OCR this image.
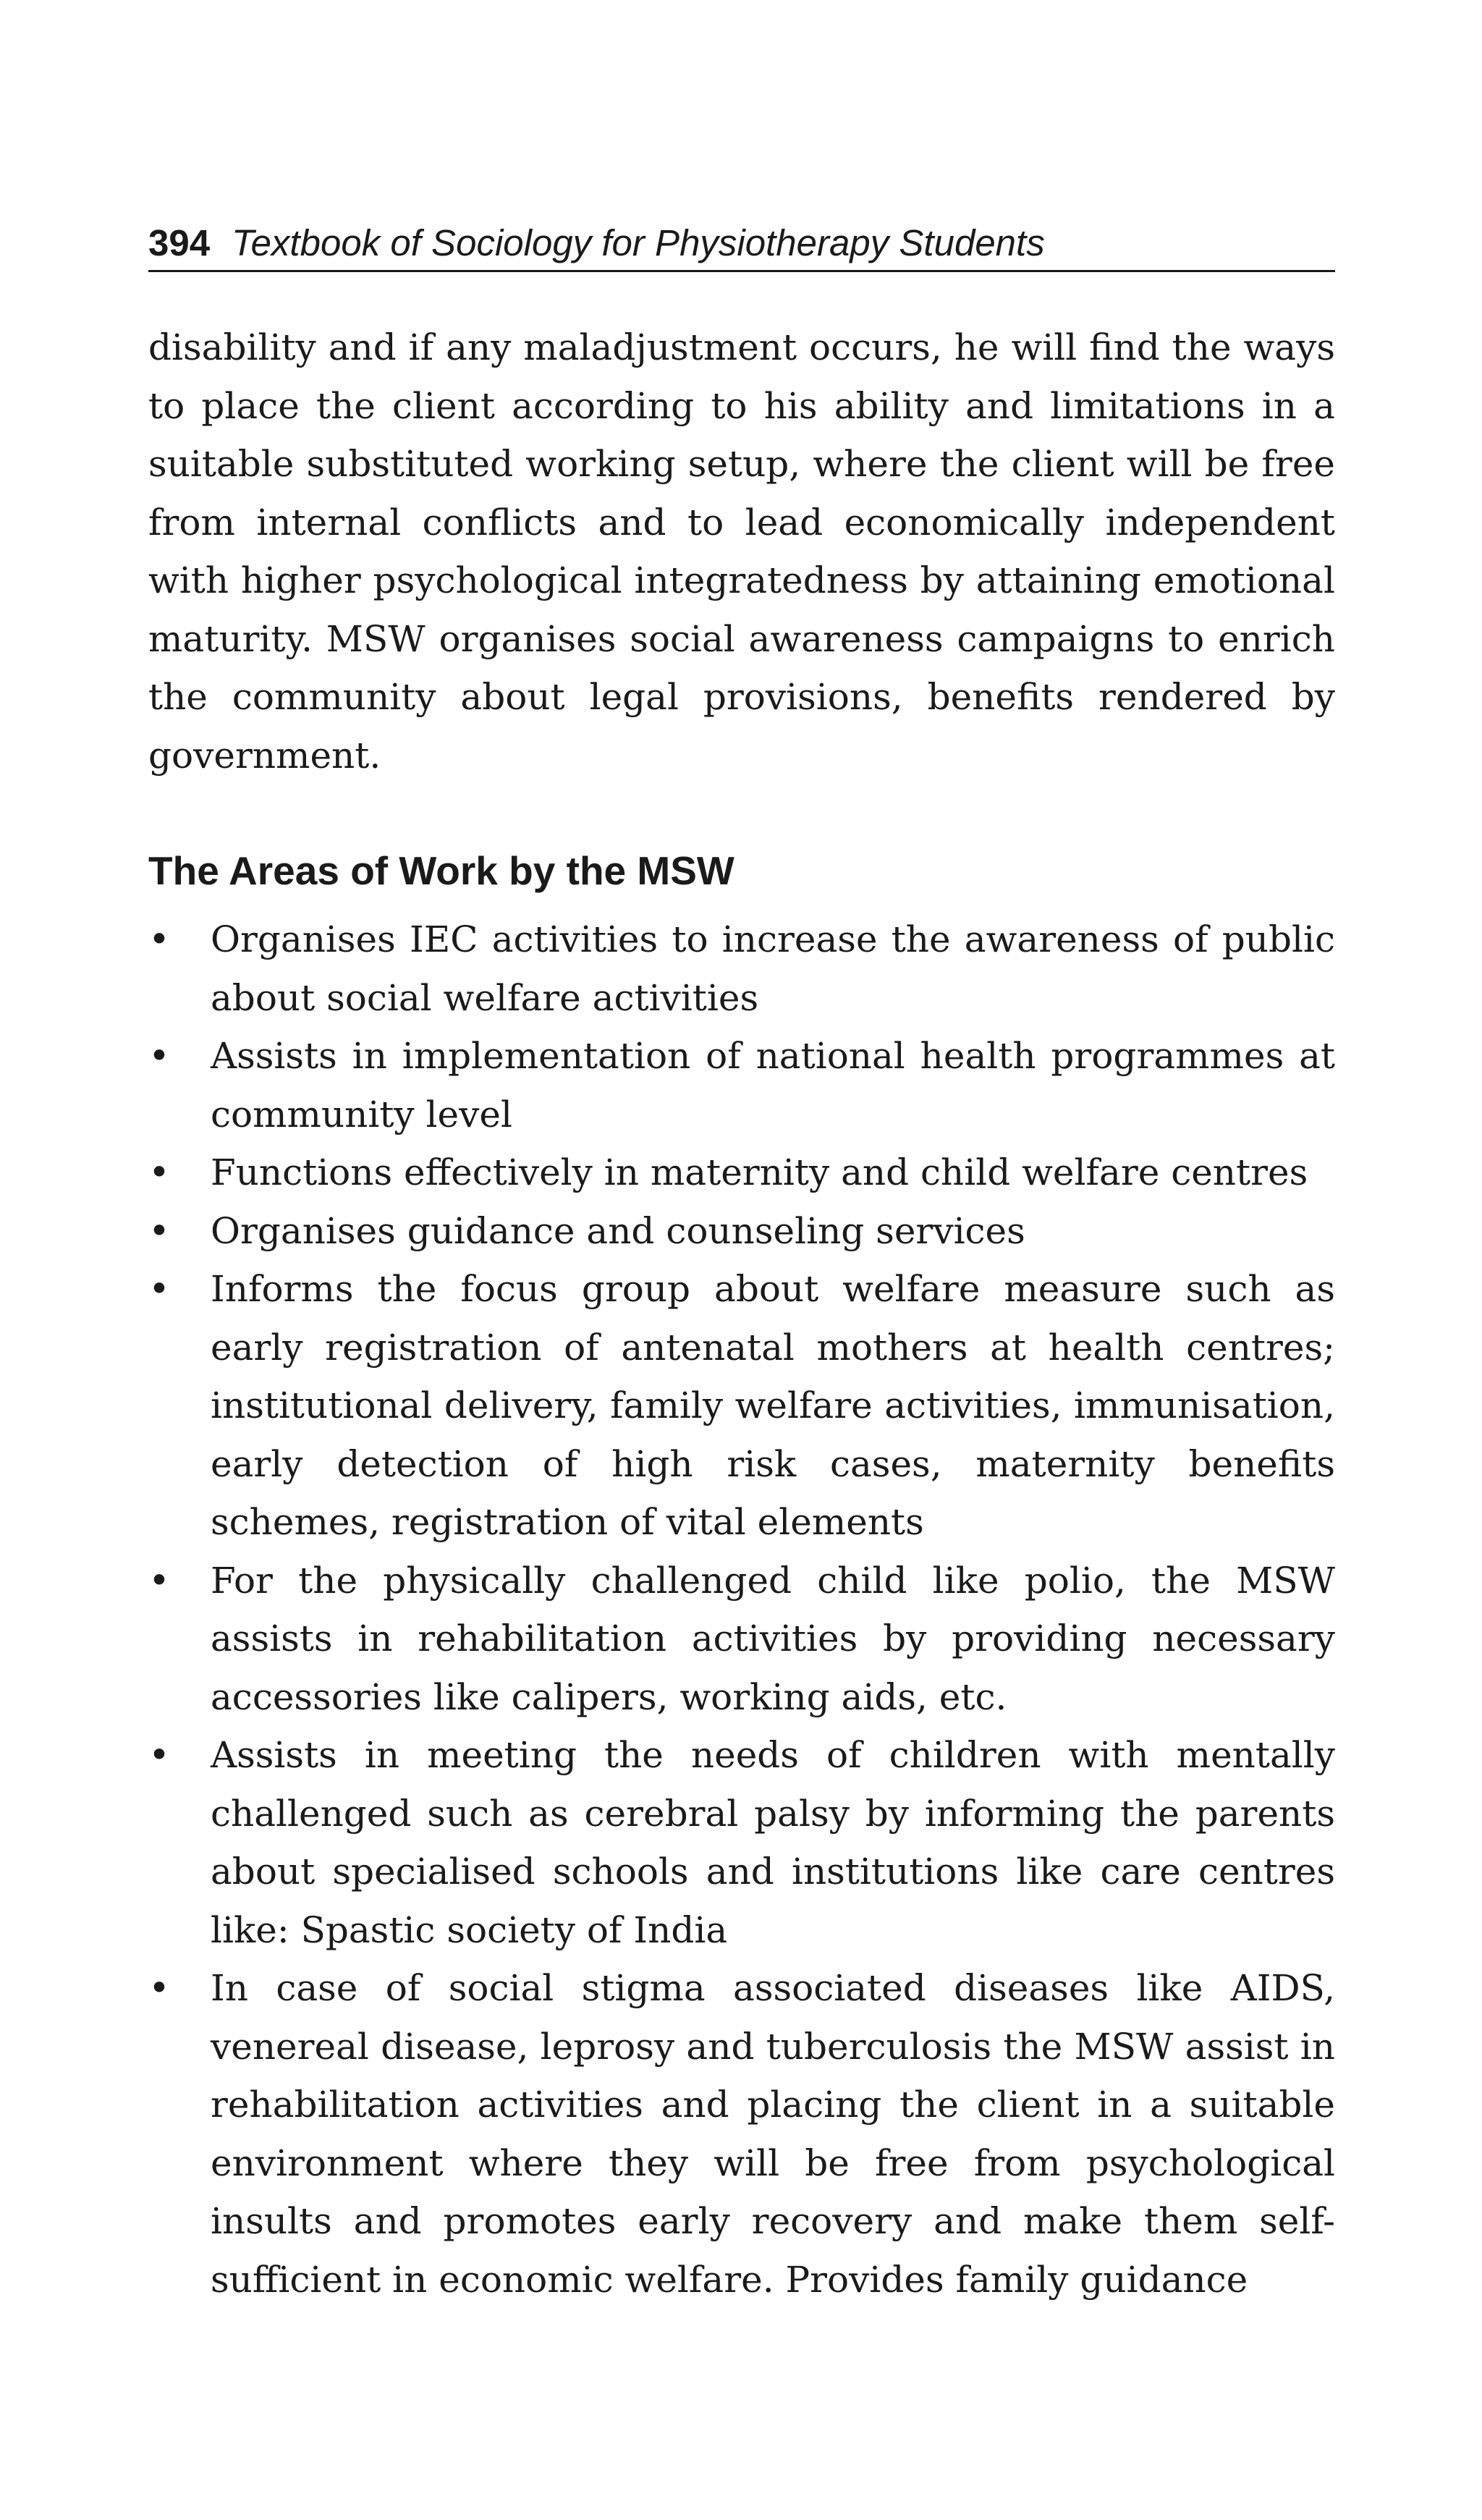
394 Textbook of Sociology for Physiotherapy Students

disability and if any maladjustment occurs, he will find the ways to place the client according to his ability and limitations in a suitable substituted working setup, where the client will be free from internal conflicts and to lead economically independent with higher psychological integratedness by attaining emotional maturity. MSW organises social awareness campaigns to enrich the community about legal provisions, benefits rendered by government.

The Areas of Work by the MSW
• Organises IEC activities to increase the awareness of public about social welfare activities
• Assists in implementation of national health programmes at community level
• Functions effectively in maternity and child welfare centres
• Organises guidance and counseling services
• Informs the focus group about welfare measure such as early registration of antenatal mothers at health centres; institutional delivery, family welfare activities, immunisation, early detection of high risk cases, maternity benefits schemes, registration of vital elements
• For the physically challenged child like polio, the MSW assists in rehabilitation activities by providing necessary accessories like calipers, working aids, etc.
• Assists in meeting the needs of children with mentally challenged such as cerebral palsy by informing the parents about specialised schools and institutions like care centres like: Spastic society of India
• In case of social stigma associated diseases like AIDS, venereal disease, leprosy and tuberculosis the MSW assist in rehabilitation activities and placing the client in a suitable environment where they will be free from psychological insults and promotes early recovery and make them self-sufficient in economic welfare. Provides family guidance
